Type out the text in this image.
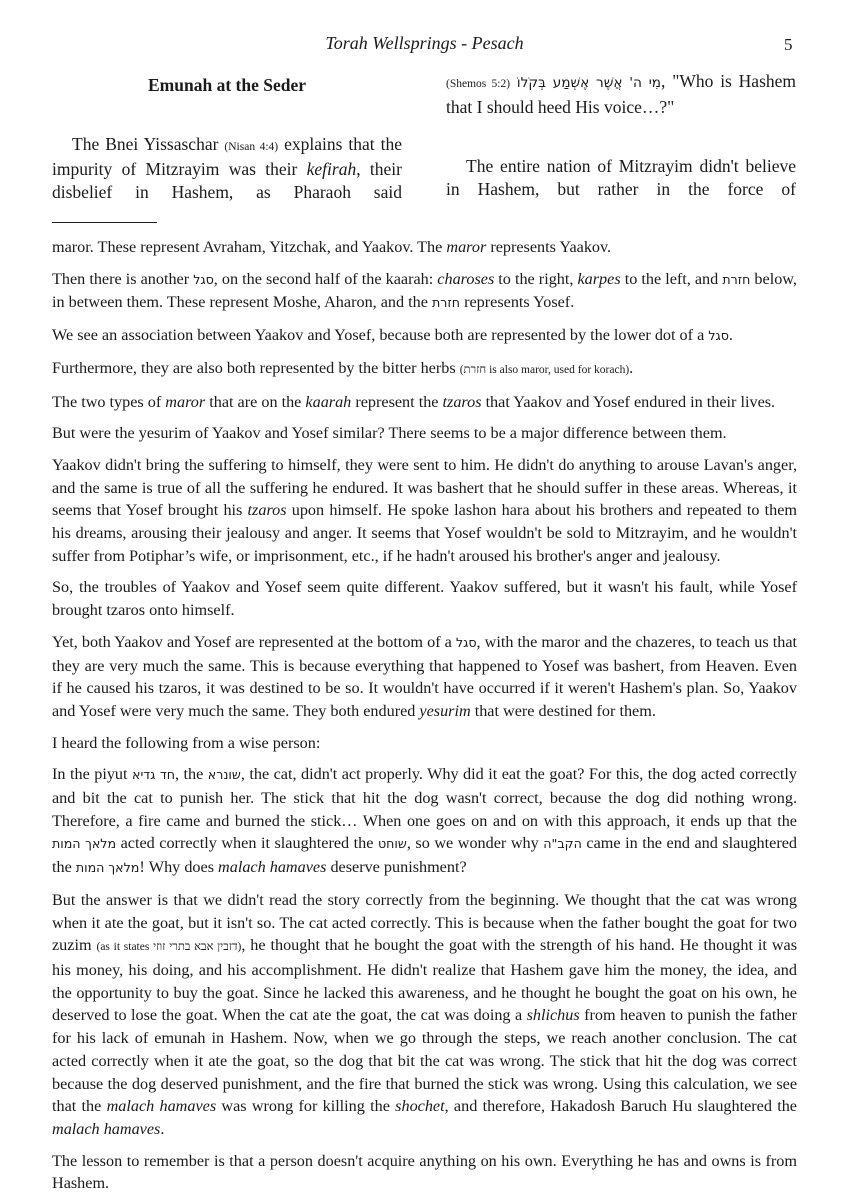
Torah Wellsprings - Pesach	5

Emunah at the Seder

The Bnei Yissaschar (Nisan 4:4) explains that the impurity of Mitzrayim was their kefirah, their disbelief in Hashem, as Pharaoh said

(Shemos 5:2) מִי ה' אֲשֶׁר אֶשְׁמַע בְּקֹלוֹ, "Who is Hashem that I should heed His voice…?"

The entire nation of Mitzrayim didn't believe in Hashem, but rather in the force of

maror. These represent Avraham, Yitzchak, and Yaakov. The maror represents Yaakov.

Then there is another סגל, on the second half of the kaarah: charoses to the right, karpes to the left, and חזרת below, in between them. These represent Moshe, Aharon, and the חזרת represents Yosef.

We see an association between Yaakov and Yosef, because both are represented by the lower dot of a סגל.

Furthermore, they are also both represented by the bitter herbs (חזרת is also maror, used for korach).

The two types of maror that are on the kaarah represent the tzaros that Yaakov and Yosef endured in their lives.

But were the yesurim of Yaakov and Yosef similar? There seems to be a major difference between them.

Yaakov didn't bring the suffering to himself, they were sent to him. He didn't do anything to arouse Lavan's anger, and the same is true of all the suffering he endured. It was bashert that he should suffer in these areas. Whereas, it seems that Yosef brought his tzaros upon himself. He spoke lashon hara about his brothers and repeated to them his dreams, arousing their jealousy and anger. It seems that Yosef wouldn't be sold to Mitzrayim, and he wouldn't suffer from Potiphar’s wife, or imprisonment, etc., if he hadn't aroused his brother's anger and jealousy.

So, the troubles of Yaakov and Yosef seem quite different. Yaakov suffered, but it wasn't his fault, while Yosef brought tzaros onto himself.

Yet, both Yaakov and Yosef are represented at the bottom of a סגל, with the maror and the chazeres, to teach us that they are very much the same. This is because everything that happened to Yosef was bashert, from Heaven. Even if he caused his tzaros, it was destined to be so. It wouldn't have occurred if it weren't Hashem's plan. So, Yaakov and Yosef were very much the same. They both endured yesurim that were destined for them.

I heard the following from a wise person:

In the piyut חד גדיא, the שונרא, the cat, didn't act properly. Why did it eat the goat? For this, the dog acted correctly and bit the cat to punish her. The stick that hit the dog wasn't correct, because the dog did nothing wrong. Therefore, a fire came and burned the stick… When one goes on and on with this approach, it ends up that the מלאך המות acted correctly when it slaughtered the שוחט, so we wonder why הקב"ה came in the end and slaughtered the מלאך המות! Why does malach hamaves deserve punishment?

But the answer is that we didn't read the story correctly from the beginning. We thought that the cat was wrong when it ate the goat, but it isn't so. The cat acted correctly. This is because when the father bought the goat for two zuzim (as it states דזבין אבא בתרי זוזי), he thought that he bought the goat with the strength of his hand. He thought it was his money, his doing, and his accomplishment. He didn't realize that Hashem gave him the money, the idea, and the opportunity to buy the goat. Since he lacked this awareness, and he thought he bought the goat on his own, he deserved to lose the goat. When the cat ate the goat, the cat was doing a shlichus from heaven to punish the father for his lack of emunah in Hashem. Now, when we go through the steps, we reach another conclusion. The cat acted correctly when it ate the goat, so the dog that bit the cat was wrong. The stick that hit the dog was correct because the dog deserved punishment, and the fire that burned the stick was wrong. Using this calculation, we see that the malach hamaves was wrong for killing the shochet, and therefore, Hakadosh Baruch Hu slaughtered the malach hamaves.

The lesson to remember is that a person doesn't acquire anything on his own. Everything he has and owns is from Hashem.
